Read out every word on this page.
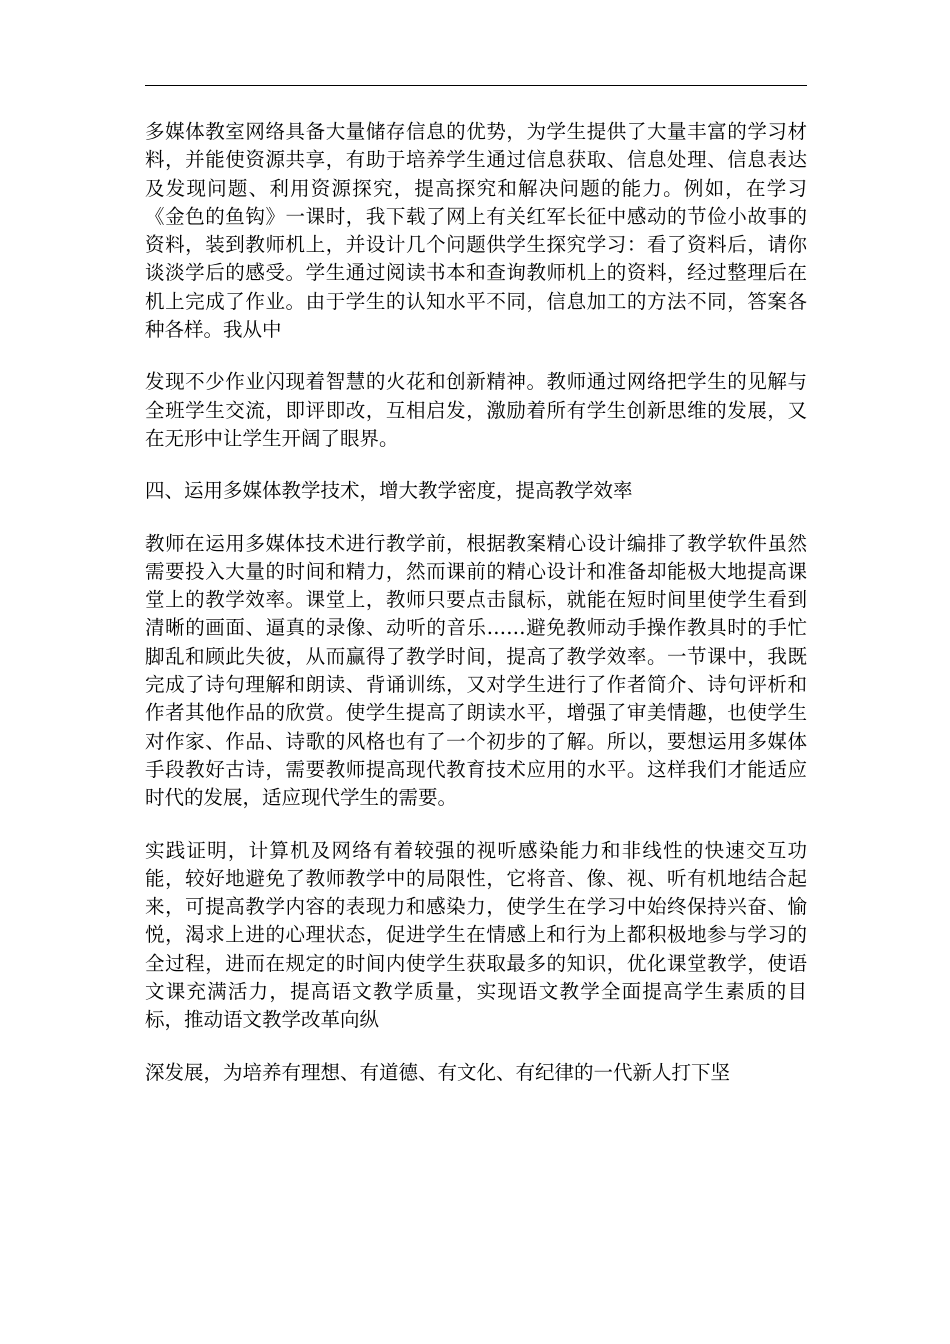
多媒体教室网络具备大量储存信息的优势，为学生提供了大量丰富的学习材料，并能使资源共享，有助于培养学生通过信息获取、信息处理、信息表达及发现问题、利用资源探究，提高探究和解决问题的能力。例如，在学习《金色的鱼钩》一课时，我下载了网上有关红军长征中感动的节俭小故事的资料，装到教师机上，并设计几个问题供学生探究学习：看了资料后，请你谈淡学后的感受。学生通过阅读书本和查询教师机上的资料，经过整理后在机上完成了作业。由于学生的认知水平不同，信息加工的方法不同，答案各种各样。我从中

发现不少作业闪现着智慧的火花和创新精神。教师通过网络把学生的见解与全班学生交流，即评即改，互相启发，激励着所有学生创新思维的发展，又在无形中让学生开阔了眼界。

四、运用多媒体教学技术，增大教学密度，提高教学效率

教师在运用多媒体技术进行教学前，根据教案精心设计编排了教学软件虽然需要投入大量的时间和精力，然而课前的精心设计和准备却能极大地提高课堂上的教学效率。课堂上，教师只要点击鼠标，就能在短时间里使学生看到清晰的画面、逼真的录像、动听的音乐……避免教师动手操作教具时的手忙脚乱和顾此失彼，从而赢得了教学时间，提高了教学效率。一节课中，我既完成了诗句理解和朗读、背诵训练，又对学生进行了作者简介、诗句评析和作者其他作品的欣赏。使学生提高了朗读水平，增强了审美情趣，也使学生对作家、作品、诗歌的风格也有了一个初步的了解。所以，要想运用多媒体手段教好古诗，需要教师提高现代教育技术应用的水平。这样我们才能适应时代的发展，适应现代学生的需要。

实践证明，计算机及网络有着较强的视听感染能力和非线性的快速交互功能，较好地避免了教师教学中的局限性，它将音、像、视、听有机地结合起来，可提高教学内容的表现力和感染力，使学生在学习中始终保持兴奋、愉悦，渴求上进的心理状态，促进学生在情感上和行为上都积极地参与学习的全过程，进而在规定的时间内使学生获取最多的知识，优化课堂教学，使语文课充满活力，提高语文教学质量，实现语文教学全面提高学生素质的目标，推动语文教学改革向纵

深发展，为培养有理想、有道德、有文化、有纪律的一代新人打下坚
